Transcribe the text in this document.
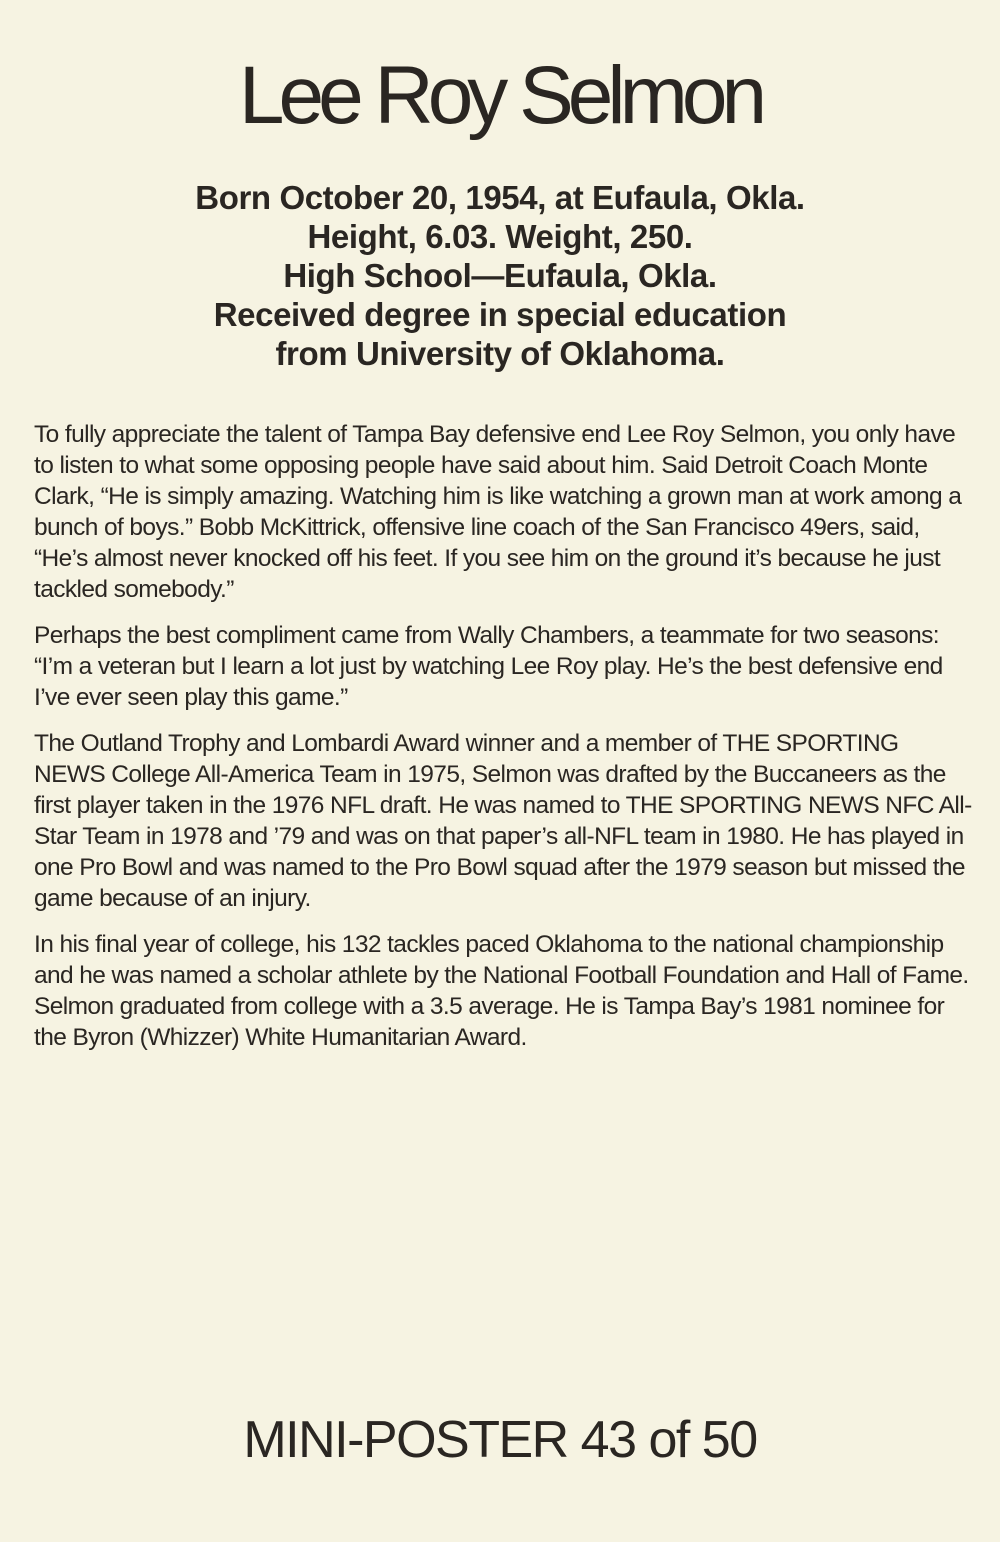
Lee Roy Selmon
Born October 20, 1954, at Eufaula, Okla.
Height, 6.03. Weight, 250.
High School—Eufaula, Okla.
Received degree in special education
from University of Oklahoma.

To fully appreciate the talent of Tampa Bay defensive end Lee Roy Selmon, you only have to listen to what some opposing people have said about him. Said Detroit Coach Monte Clark, “He is simply amazing. Watching him is like watching a grown man at work among a bunch of boys.” Bobb McKittrick, offensive line coach of the San Francisco 49ers, said, “He’s almost never knocked off his feet. If you see him on the ground it’s because he just tackled somebody.”

Perhaps the best compliment came from Wally Chambers, a teammate for two seasons: “I’m a veteran but I learn a lot just by watching Lee Roy play. He’s the best defensive end I’ve ever seen play this game.”

The Outland Trophy and Lombardi Award winner and a member of THE SPORTING NEWS College All-America Team in 1975, Selmon was drafted by the Buccaneers as the first player taken in the 1976 NFL draft. He was named to THE SPORTING NEWS NFC All-Star Team in 1978 and ’79 and was on that paper’s all-NFL team in 1980. He has played in one Pro Bowl and was named to the Pro Bowl squad after the 1979 season but missed the game because of an injury.

In his final year of college, his 132 tackles paced Oklahoma to the national championship and he was named a scholar athlete by the National Football Foundation and Hall of Fame. Selmon graduated from college with a 3.5 average. He is Tampa Bay’s 1981 nominee for the Byron (Whizzer) White Humanitarian Award.

MINI-POSTER 43 of 50
